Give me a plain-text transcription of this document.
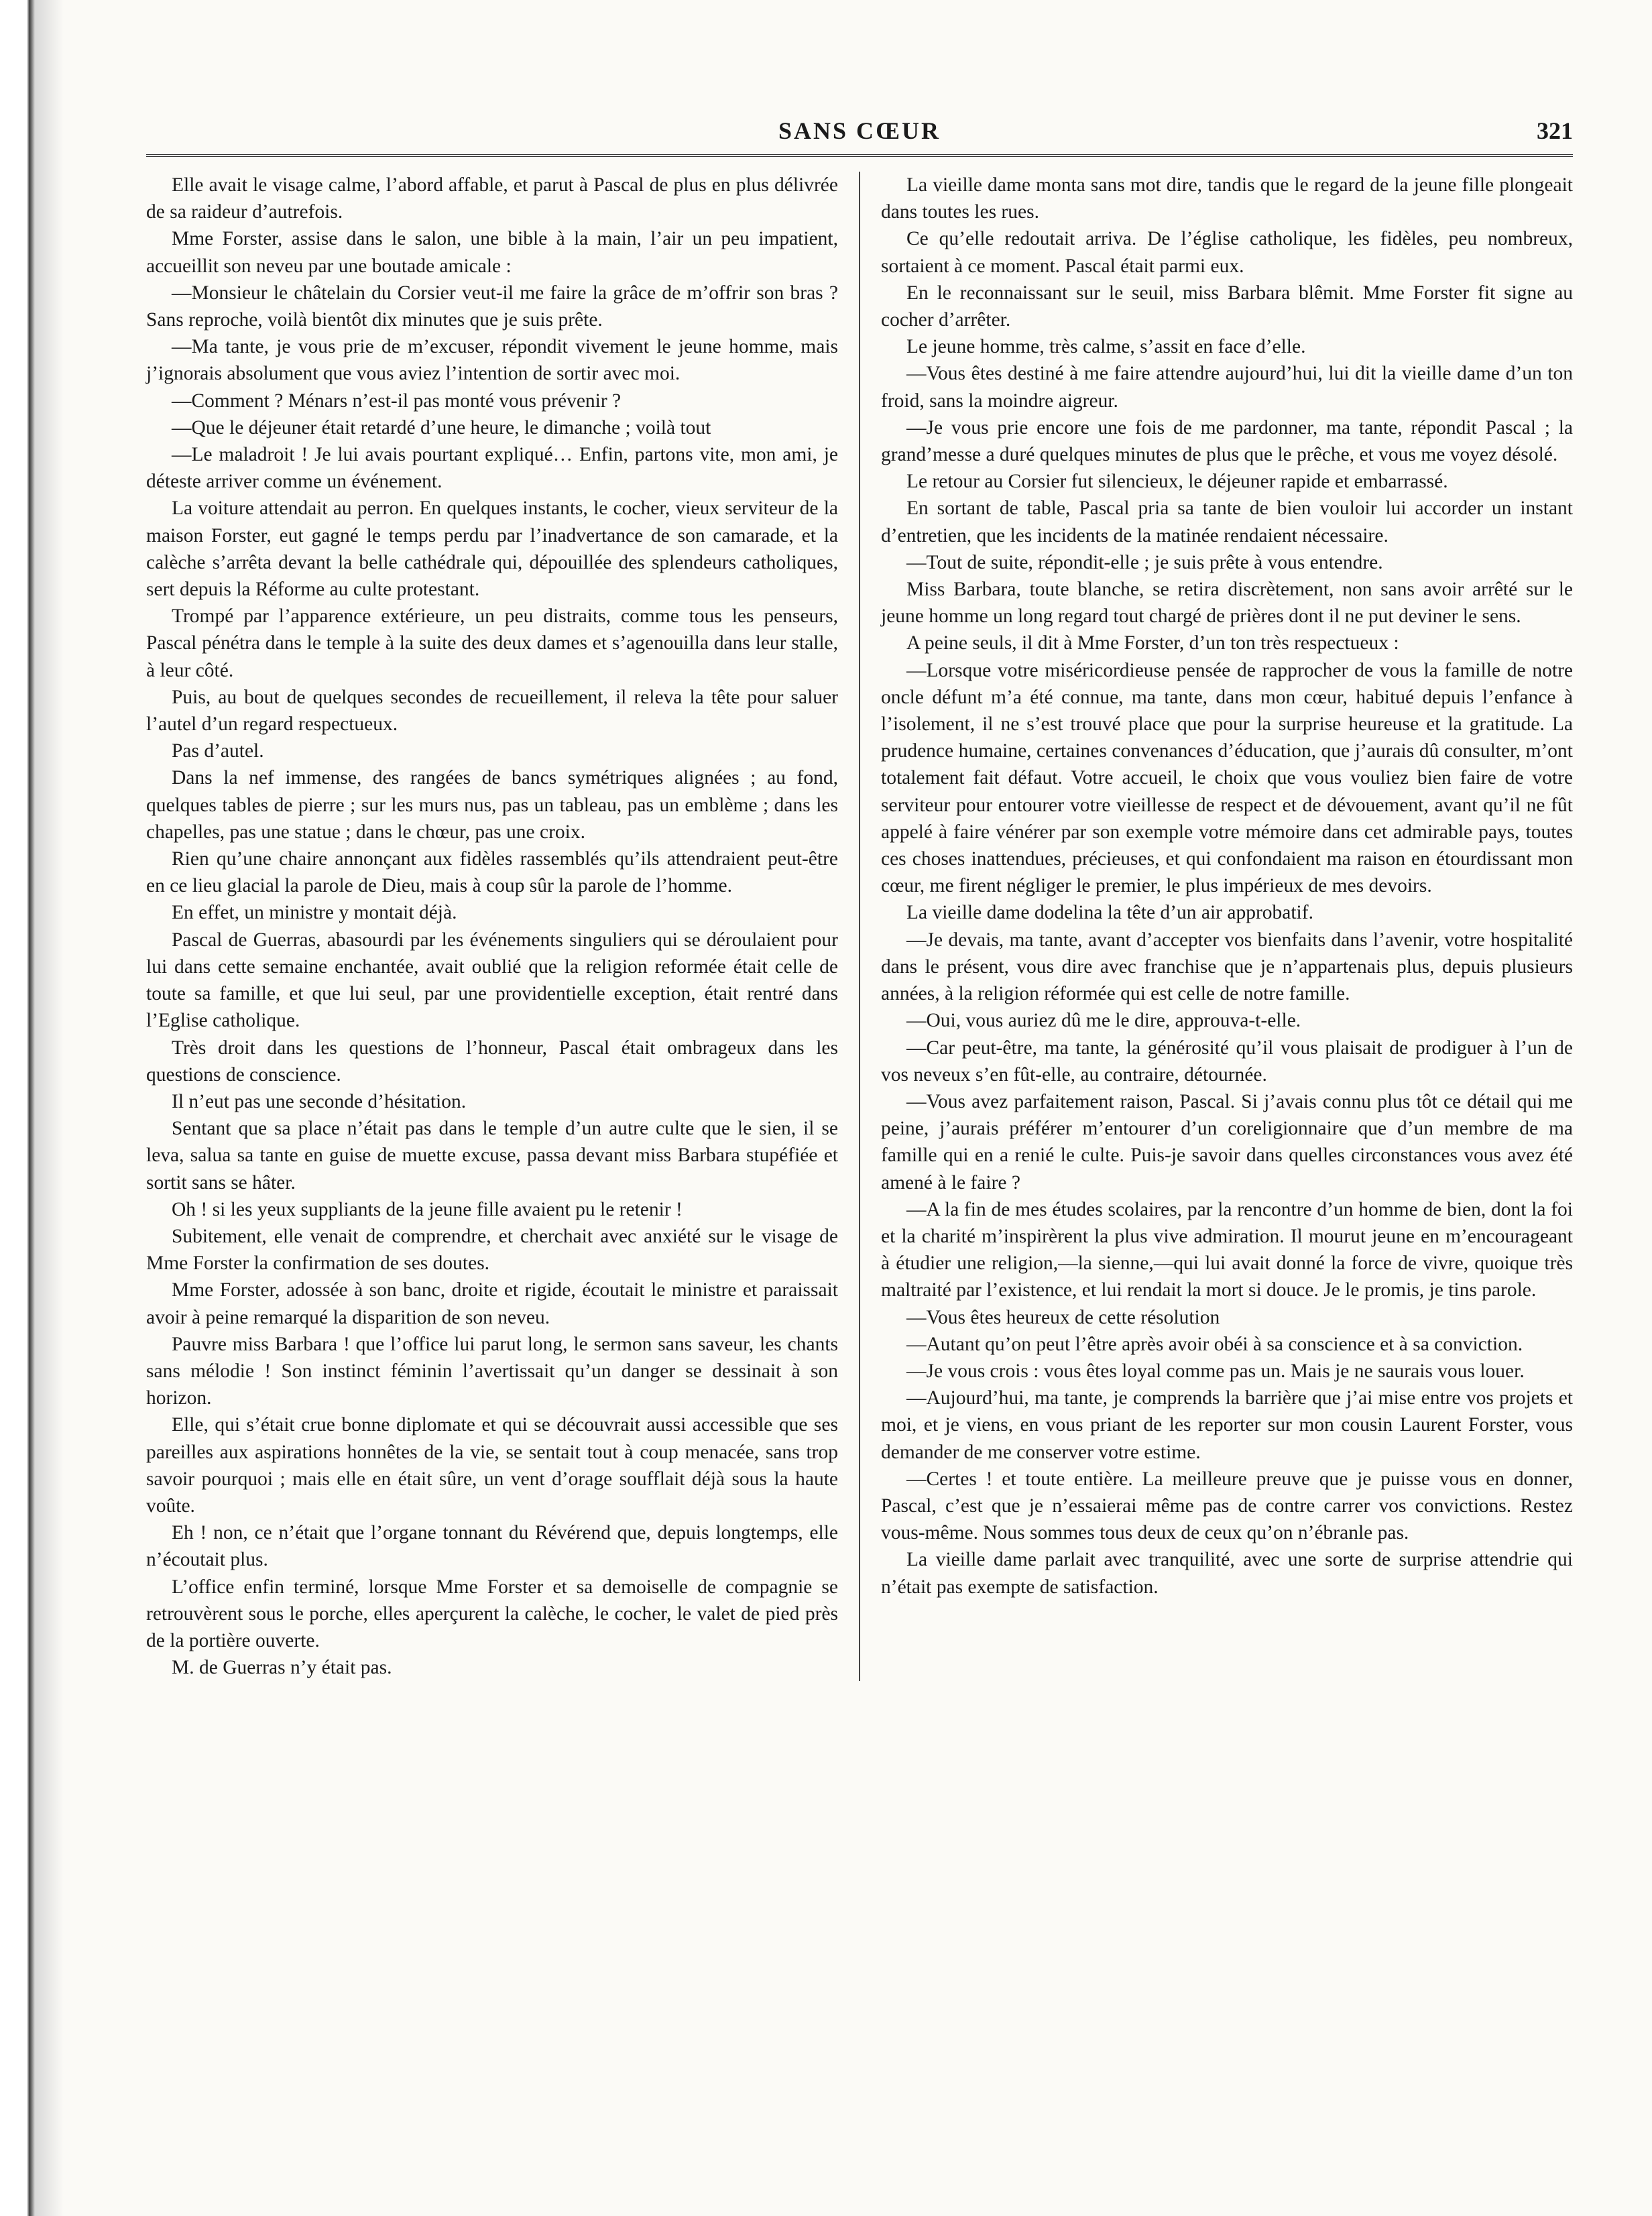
SANS CŒUR	321

Elle avait le visage calme, l’abord affable, et parut à Pascal de plus en plus délivrée de sa raideur d’autrefois.

Mme Forster, assise dans le salon, une bible à la main, l’air un peu impatient, accueillit son neveu par une boutade amicale :

—Monsieur le châtelain du Corsier veut-il me faire la grâce de m’offrir son bras ? Sans reproche, voilà bientôt dix minutes que je suis prête.

—Ma tante, je vous prie de m’excuser, répondit vivement le jeune homme, mais j’ignorais absolument que vous aviez l’intention de sortir avec moi.

—Comment ? Ménars n’est-il pas monté vous prévenir ?

—Que le déjeuner était retardé d’une heure, le dimanche ; voilà tout

—Le maladroit ! Je lui avais pourtant expliqué… Enfin, partons vite, mon ami, je déteste arriver comme un événement.

La voiture attendait au perron. En quelques instants, le cocher, vieux serviteur de la maison Forster, eut gagné le temps perdu par l’inadvertance de son camarade, et la calèche s’arrêta devant la belle cathédrale qui, dépouillée des splendeurs catholiques, sert depuis la Réforme au culte protestant.

Trompé par l’apparence extérieure, un peu distraits, comme tous les penseurs, Pascal pénétra dans le temple à la suite des deux dames et s’agenouilla dans leur stalle, à leur côté.

Puis, au bout de quelques secondes de recueillement, il releva la tête pour saluer l’autel d’un regard respectueux.

Pas d’autel.

Dans la nef immense, des rangées de bancs symétriques alignées ; au fond, quelques tables de pierre ; sur les murs nus, pas un tableau, pas un emblème ; dans les chapelles, pas une statue ; dans le chœur, pas une croix.

Rien qu’une chaire annonçant aux fidèles rassemblés qu’ils attendraient peut-être en ce lieu glacial la parole de Dieu, mais à coup sûr la parole de l’homme.

En effet, un ministre y montait déjà.

Pascal de Guerras, abasourdi par les événements singuliers qui se déroulaient pour lui dans cette semaine enchantée, avait oublié que la religion reformée était celle de toute sa famille, et que lui seul, par une providentielle exception, était rentré dans l’Eglise catholique.

Très droit dans les questions de l’honneur, Pascal était ombrageux dans les questions de conscience.

Il n’eut pas une seconde d’hésitation.

Sentant que sa place n’était pas dans le temple d’un autre culte que le sien, il se leva, salua sa tante en guise de muette excuse, passa devant miss Barbara stupéfiée et sortit sans se hâter.

Oh ! si les yeux suppliants de la jeune fille avaient pu le retenir !

Subitement, elle venait de comprendre, et cherchait avec anxiété sur le visage de Mme Forster la confirmation de ses doutes.

Mme Forster, adossée à son banc, droite et rigide, écoutait le ministre et paraissait avoir à peine remarqué la disparition de son neveu.

Pauvre miss Barbara ! que l’office lui parut long, le sermon sans saveur, les chants sans mélodie ! Son instinct féminin l’avertissait qu’un danger se dessinait à son horizon.

Elle, qui s’était crue bonne diplomate et qui se découvrait aussi accessible que ses pareilles aux aspirations honnêtes de la vie, se sentait tout à coup menacée, sans trop savoir pourquoi ; mais elle en était sûre, un vent d’orage soufflait déjà sous la haute voûte.

Eh ! non, ce n’était que l’organe tonnant du Révérend que, depuis longtemps, elle n’écoutait plus.

L’office enfin terminé, lorsque Mme Forster et sa demoiselle de compagnie se retrouvèrent sous le porche, elles aperçurent la calèche, le cocher, le valet de pied près de la portière ouverte.

M. de Guerras n’y était pas.

La vieille dame monta sans mot dire, tandis que le regard de la jeune fille plongeait dans toutes les rues.

Ce qu’elle redoutait arriva. De l’église catholique, les fidèles, peu nombreux, sortaient à ce moment. Pascal était parmi eux.

En le reconnaissant sur le seuil, miss Barbara blêmit. Mme Forster fit signe au cocher d’arrêter.

Le jeune homme, très calme, s’assit en face d’elle.

—Vous êtes destiné à me faire attendre aujourd’hui, lui dit la vieille dame d’un ton froid, sans la moindre aigreur.

—Je vous prie encore une fois de me pardonner, ma tante, répondit Pascal ; la grand’messe a duré quelques minutes de plus que le prêche, et vous me voyez désolé.

Le retour au Corsier fut silencieux, le déjeuner rapide et embarrassé.

En sortant de table, Pascal pria sa tante de bien vouloir lui accorder un instant d’entretien, que les incidents de la matinée rendaient nécessaire.

—Tout de suite, répondit-elle ; je suis prête à vous entendre.

Miss Barbara, toute blanche, se retira discrètement, non sans avoir arrêté sur le jeune homme un long regard tout chargé de prières dont il ne put deviner le sens.

A peine seuls, il dit à Mme Forster, d’un ton très respectueux :

—Lorsque votre miséricordieuse pensée de rapprocher de vous la famille de notre oncle défunt m’a été connue, ma tante, dans mon cœur, habitué depuis l’enfance à l’isolement, il ne s’est trouvé place que pour la surprise heureuse et la gratitude. La prudence humaine, certaines convenances d’éducation, que j’aurais dû consulter, m’ont totalement fait défaut. Votre accueil, le choix que vous vouliez bien faire de votre serviteur pour entourer votre vieillesse de respect et de dévouement, avant qu’il ne fût appelé à faire vénérer par son exemple votre mémoire dans cet admirable pays, toutes ces choses inattendues, précieuses, et qui confondaient ma raison en étourdissant mon cœur, me firent négliger le premier, le plus impérieux de mes devoirs.

La vieille dame dodelina la tête d’un air approbatif.

—Je devais, ma tante, avant d’accepter vos bienfaits dans l’avenir, votre hospitalité dans le présent, vous dire avec franchise que je n’appartenais plus, depuis plusieurs années, à la religion réformée qui est celle de notre famille.

—Oui, vous auriez dû me le dire, approuva-t-elle.

—Car peut-être, ma tante, la générosité qu’il vous plaisait de prodiguer à l’un de vos neveux s’en fût-elle, au contraire, détournée.

—Vous avez parfaitement raison, Pascal. Si j’avais connu plus tôt ce détail qui me peine, j’aurais préférer m’entourer d’un coreligionnaire que d’un membre de ma famille qui en a renié le culte. Puis-je savoir dans quelles circonstances vous avez été amené à le faire ?

—A la fin de mes études scolaires, par la rencontre d’un homme de bien, dont la foi et la charité m’inspirèrent la plus vive admiration. Il mourut jeune en m’encourageant à étudier une religion,—la sienne,—qui lui avait donné la force de vivre, quoique très maltraité par l’existence, et lui rendait la mort si douce. Je le promis, je tins parole.

—Vous êtes heureux de cette résolution

—Autant qu’on peut l’être après avoir obéi à sa conscience et à sa conviction.

—Je vous crois : vous êtes loyal comme pas un. Mais je ne saurais vous louer.

—Aujourd’hui, ma tante, je comprends la barrière que j’ai mise entre vos projets et moi, et je viens, en vous priant de les reporter sur mon cousin Laurent Forster, vous demander de me conserver votre estime.

—Certes ! et toute entière. La meilleure preuve que je puisse vous en donner, Pascal, c’est que je n’essaierai même pas de contre carrer vos convictions. Restez vous-même. Nous sommes tous deux de ceux qu’on n’ébranle pas.

La vieille dame parlait avec tranquilité, avec une sorte de surprise attendrie qui n’était pas exempte de satisfaction.
